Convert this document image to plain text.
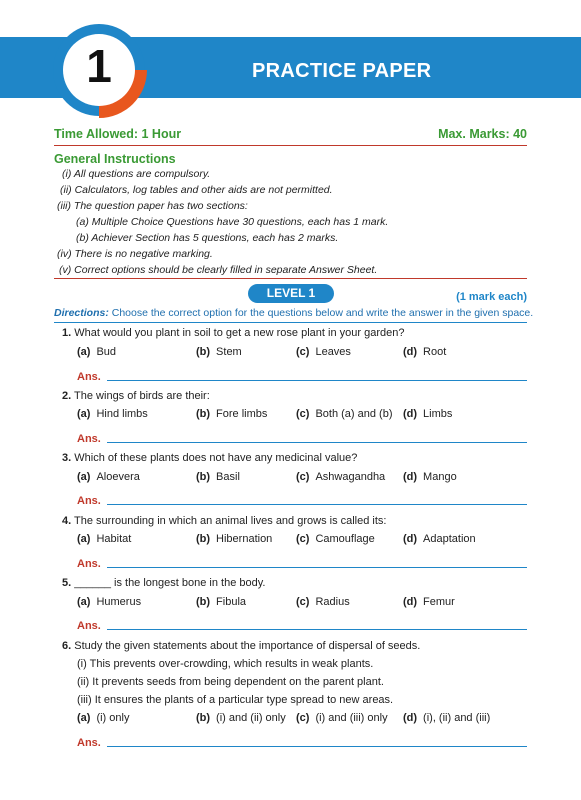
1	PRACTICE PAPER
Time Allowed: 1 Hour	Max. Marks: 40
General Instructions
(i) All questions are compulsory.
(ii) Calculators, log tables and other aids are not permitted.
(iii) The question paper has two sections:
(a) Multiple Choice Questions have 30 questions, each has 1 mark.
(b) Achiever Section has 5 questions, each has 2 marks.
(iv) There is no negative marking.
(v) Correct options should be clearly filled in separate Answer Sheet.
LEVEL 1	(1 mark each)
Directions: Choose the correct option for the questions below and write the answer in the given space.
1. What would you plant in soil to get a new rose plant in your garden?
(a) Bud	(b) Stem	(c) Leaves	(d) Root
Ans.
2. The wings of birds are their:
(a) Hind limbs	(b) Fore limbs	(c) Both (a) and (b) (d) Limbs
Ans.
3. Which of these plants does not have any medicinal value?
(a) Aloevera	(b) Basil	(c) Ashwagandha (d) Mango
Ans.
4. The surrounding in which an animal lives and grows is called its:
(a) Habitat	(b) Hibernation (c) Camouflage	(d) Adaptation
Ans.
5. ______ is the longest bone in the body.
(a) Humerus	(b) Fibula	(c) Radius	(d) Femur
Ans.
6. Study the given statements about the importance of dispersal of seeds.
(i) This prevents over-crowding, which results in weak plants.
(ii) It prevents seeds from being dependent on the parent plant.
(iii) It ensures the plants of a particular type spread to new areas.
(a) (i) only	(b) (i) and (ii) only (c) (i) and (iii) only (d) (i), (ii) and (iii)
Ans.
